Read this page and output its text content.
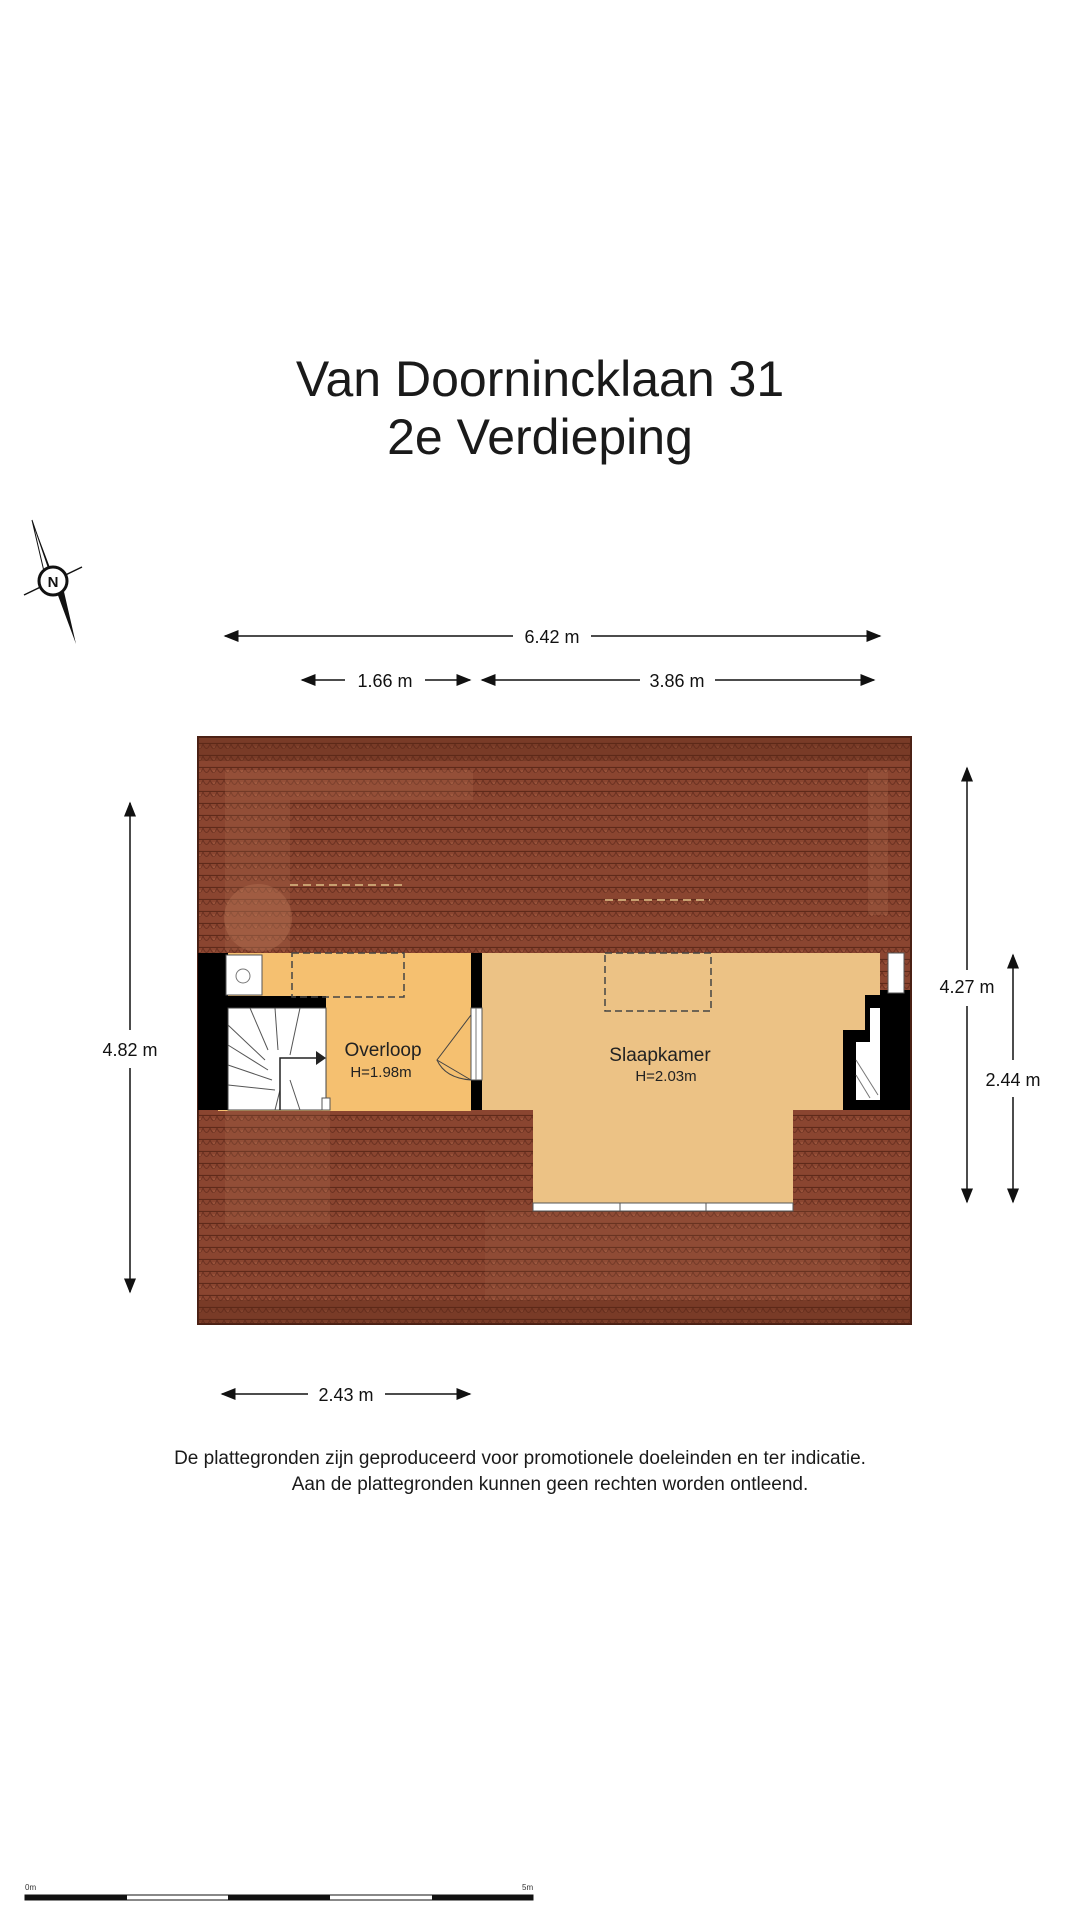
Van Doornincklaan 31
2e Verdieping
N
6.42 m
1.66 m	3.86 m
4.82 m
4.27 m
2.44 m
2.43 m
Overloop
H=1.98m
Slaapkamer
H=2.03m
0m	5m
De plattegronden zijn geproduceerd voor promotionele doeleinden en ter indicatie.
Aan de plattegronden kunnen geen rechten worden ontleend.
